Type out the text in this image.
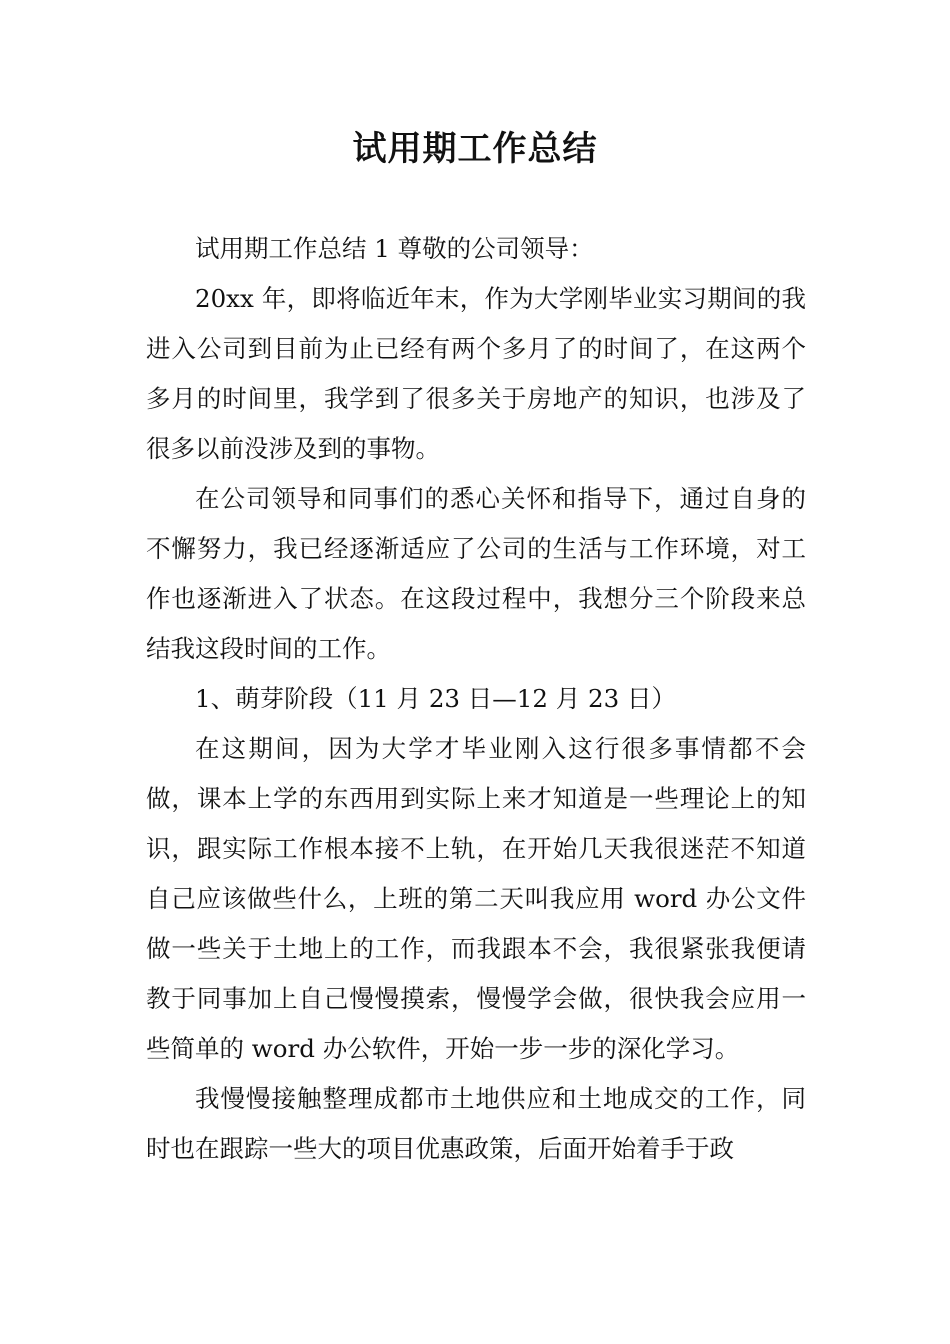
试用期工作总结

试用期工作总结 1 尊敬的公司领导：

20xx 年，即将临近年末，作为大学刚毕业实习期间的我进入公司到目前为止已经有两个多月了的时间了，在这两个多月的时间里，我学到了很多关于房地产的知识，也涉及了很多以前没涉及到的事物。

在公司领导和同事们的悉心关怀和指导下，通过自身的不懈努力，我已经逐渐适应了公司的生活与工作环境，对工作也逐渐进入了状态。在这段过程中，我想分三个阶段来总结我这段时间的工作。

1、萌芽阶段（11 月 23 日—12 月 23 日）

在这期间，因为大学才毕业刚入这行很多事情都不会做，课本上学的东西用到实际上来才知道是一些理论上的知识，跟实际工作根本接不上轨，在开始几天我很迷茫不知道自己应该做些什么，上班的第二天叫我应用 word 办公文件做一些关于土地上的工作，而我跟本不会，我很紧张我便请教于同事加上自己慢慢摸索，慢慢学会做，很快我会应用一些简单的 word 办公软件，开始一步一步的深化学习。

我慢慢接触整理成都市土地供应和土地成交的工作，同时也在跟踪一些大的项目优惠政策，后面开始着手于政
